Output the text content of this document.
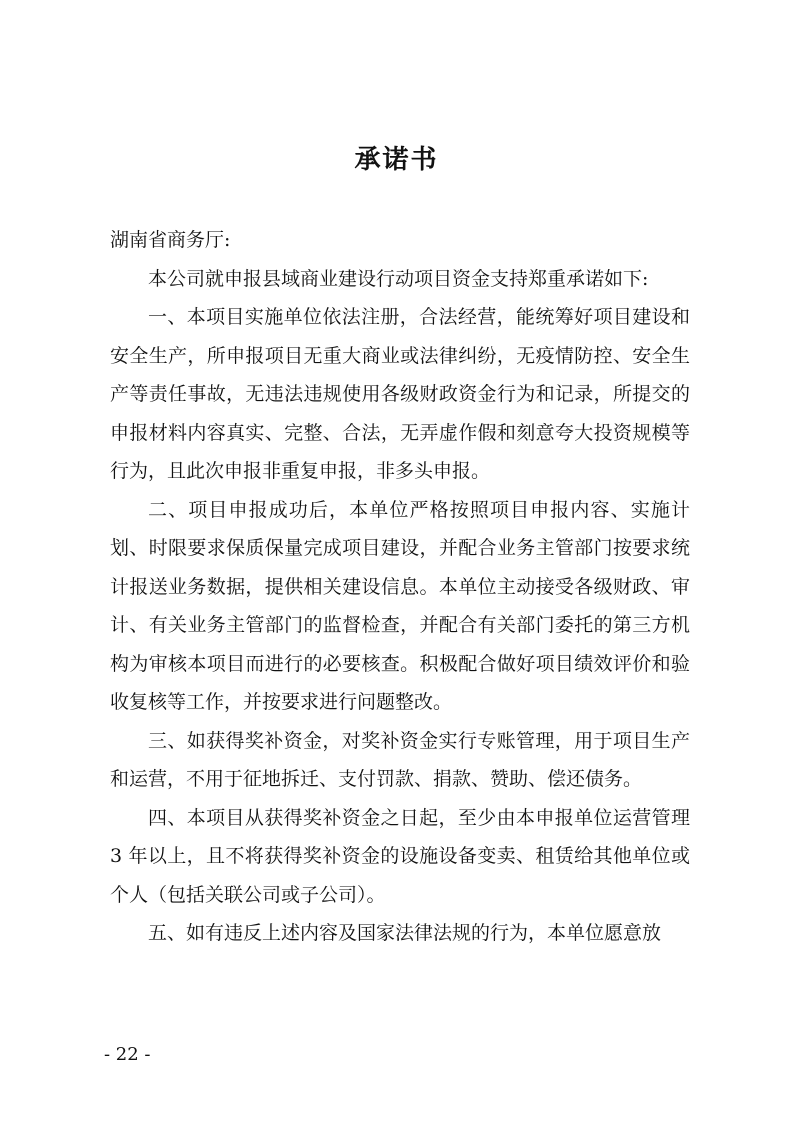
承诺书

湖南省商务厅:

本公司就申报县域商业建设行动项目资金支持郑重承诺如下:

一、本项目实施单位依法注册，合法经营，能统筹好项目建设和安全生产，所申报项目无重大商业或法律纠纷，无疫情防控、安全生产等责任事故，无违法违规使用各级财政资金行为和记录，所提交的申报材料内容真实、完整、合法，无弄虚作假和刻意夸大投资规模等行为，且此次申报非重复申报，非多头申报。

二、项目申报成功后，本单位严格按照项目申报内容、实施计划、时限要求保质保量完成项目建设，并配合业务主管部门按要求统计报送业务数据，提供相关建设信息。本单位主动接受各级财政、审计、有关业务主管部门的监督检查，并配合有关部门委托的第三方机构为审核本项目而进行的必要核查。积极配合做好项目绩效评价和验收复核等工作，并按要求进行问题整改。

三、如获得奖补资金，对奖补资金实行专账管理，用于项目生产和运营，不用于征地拆迁、支付罚款、捐款、赞助、偿还债务。

四、本项目从获得奖补资金之日起，至少由本申报单位运营管理 3 年以上，且不将获得奖补资金的设施设备变卖、租赁给其他单位或个人（包括关联公司或子公司）。

五、如有违反上述内容及国家法律法规的行为，本单位愿意放

- 22 -
